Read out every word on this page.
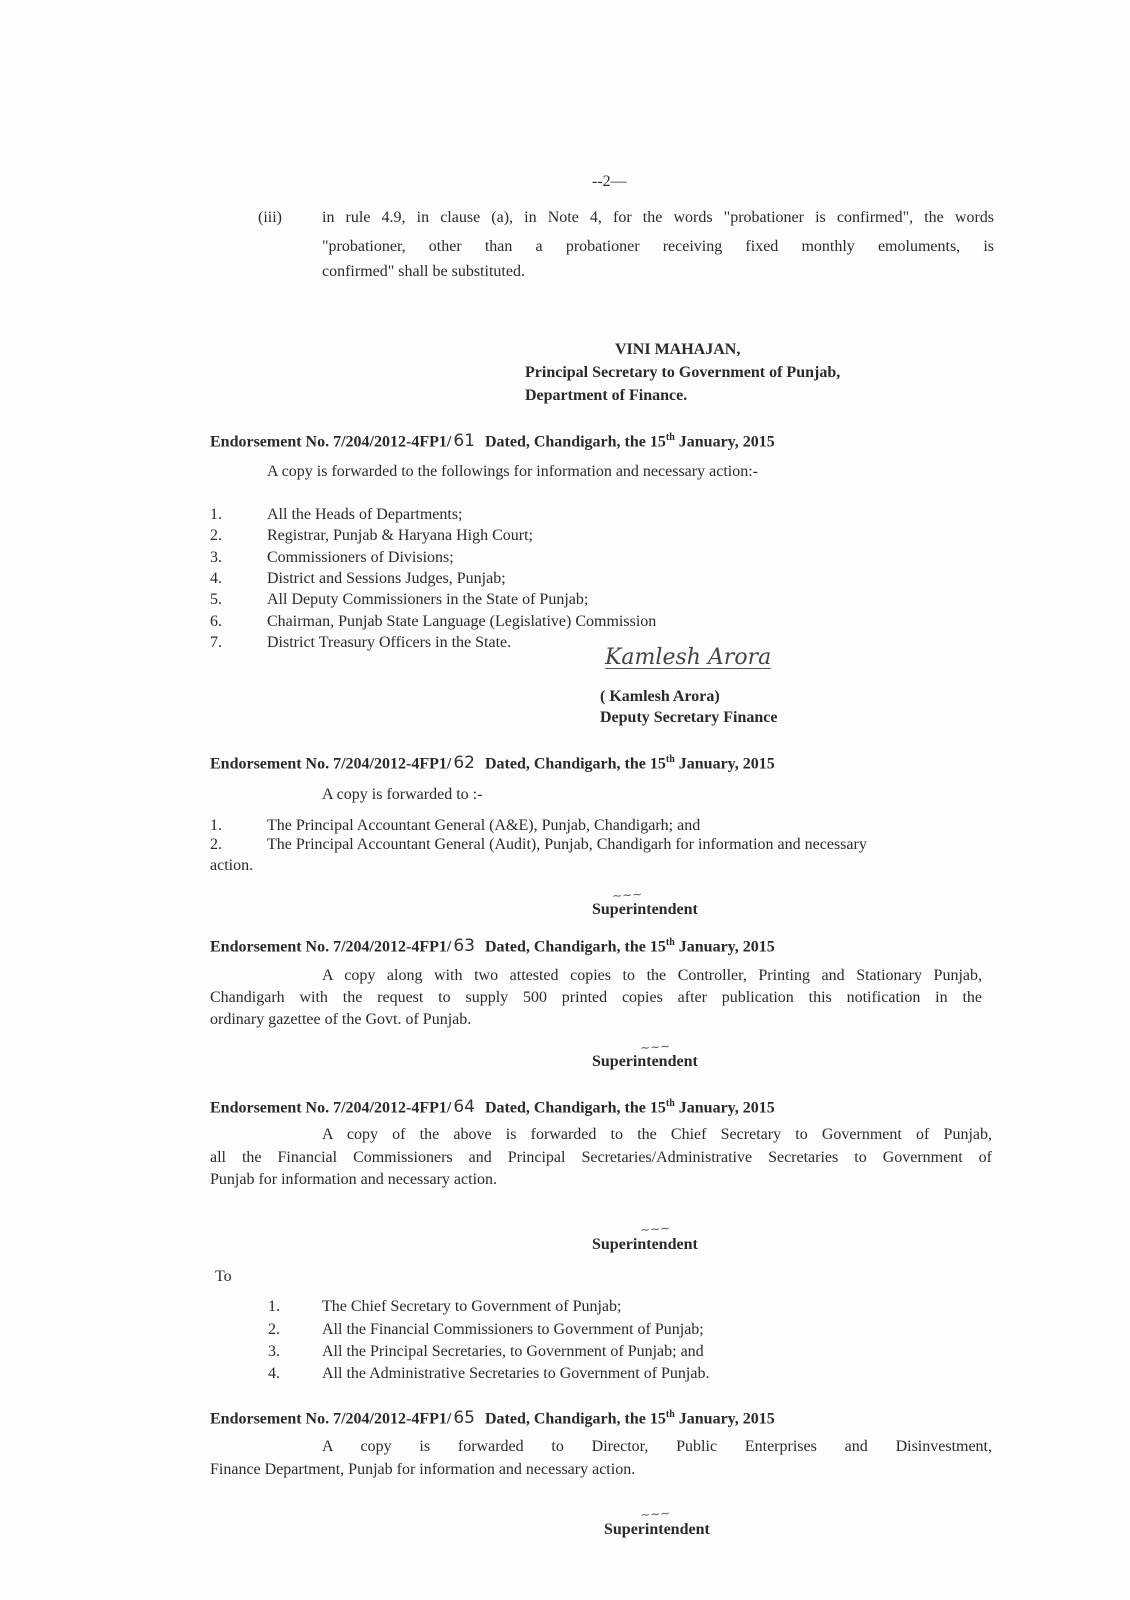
--2—
(iii)	in rule 4.9, in clause (a), in Note 4, for the words "probationer is confirmed", the words
"probationer, other than a probationer receiving fixed monthly emoluments, is
confirmed" shall be substituted.
VINI MAHAJAN,
Principal Secretary to Government of Punjab,
Department of Finance.
Endorsement No. 7/204/2012-4FP1/ 61 Dated, Chandigarh, the 15th January, 2015
A copy is forwarded to the followings for information and necessary action:-
1.	All the Heads of Departments;
2.	Registrar, Punjab & Haryana High Court;
3.	Commissioners of Divisions;
4.	District and Sessions Judges, Punjab;
5.	All Deputy Commissioners in the State of Punjab;
6.	Chairman, Punjab State Language (Legislative) Commission
7.	District Treasury Officers in the State.
Kamlesh Arora
( Kamlesh Arora)
Deputy Secretary Finance
Endorsement No. 7/204/2012-4FP1/ 62 Dated, Chandigarh, the 15th January, 2015
A copy is forwarded to :-
1.	The Principal Accountant General (A&E), Punjab, Chandigarh; and
2.	The Principal Accountant General (Audit), Punjab, Chandigarh for information and necessary
action.
~~~
Superintendent
Endorsement No. 7/204/2012-4FP1/ 63 Dated, Chandigarh, the 15th January, 2015
A copy along with two attested copies to the Controller, Printing and Stationary Punjab,
Chandigarh with the request to supply 500 printed copies after publication this notification in the
ordinary gazettee of the Govt. of Punjab.
~~~
Superintendent
Endorsement No. 7/204/2012-4FP1/ 64 Dated, Chandigarh, the 15th January, 2015
A copy of the above is forwarded to the Chief Secretary to Government of Punjab,
all the Financial Commissioners and Principal Secretaries/Administrative Secretaries to Government of
Punjab for information and necessary action.
~~~
Superintendent
To
1.	The Chief Secretary to Government of Punjab;
2.	All the Financial Commissioners to Government of Punjab;
3.	All the Principal Secretaries, to Government of Punjab; and
4.	All the Administrative Secretaries to Government of Punjab.
Endorsement No. 7/204/2012-4FP1/ 65 Dated, Chandigarh, the 15th January, 2015
A copy is forwarded to Director, Public Enterprises and Disinvestment,
Finance Department, Punjab for information and necessary action.
~~~
Superintendent
